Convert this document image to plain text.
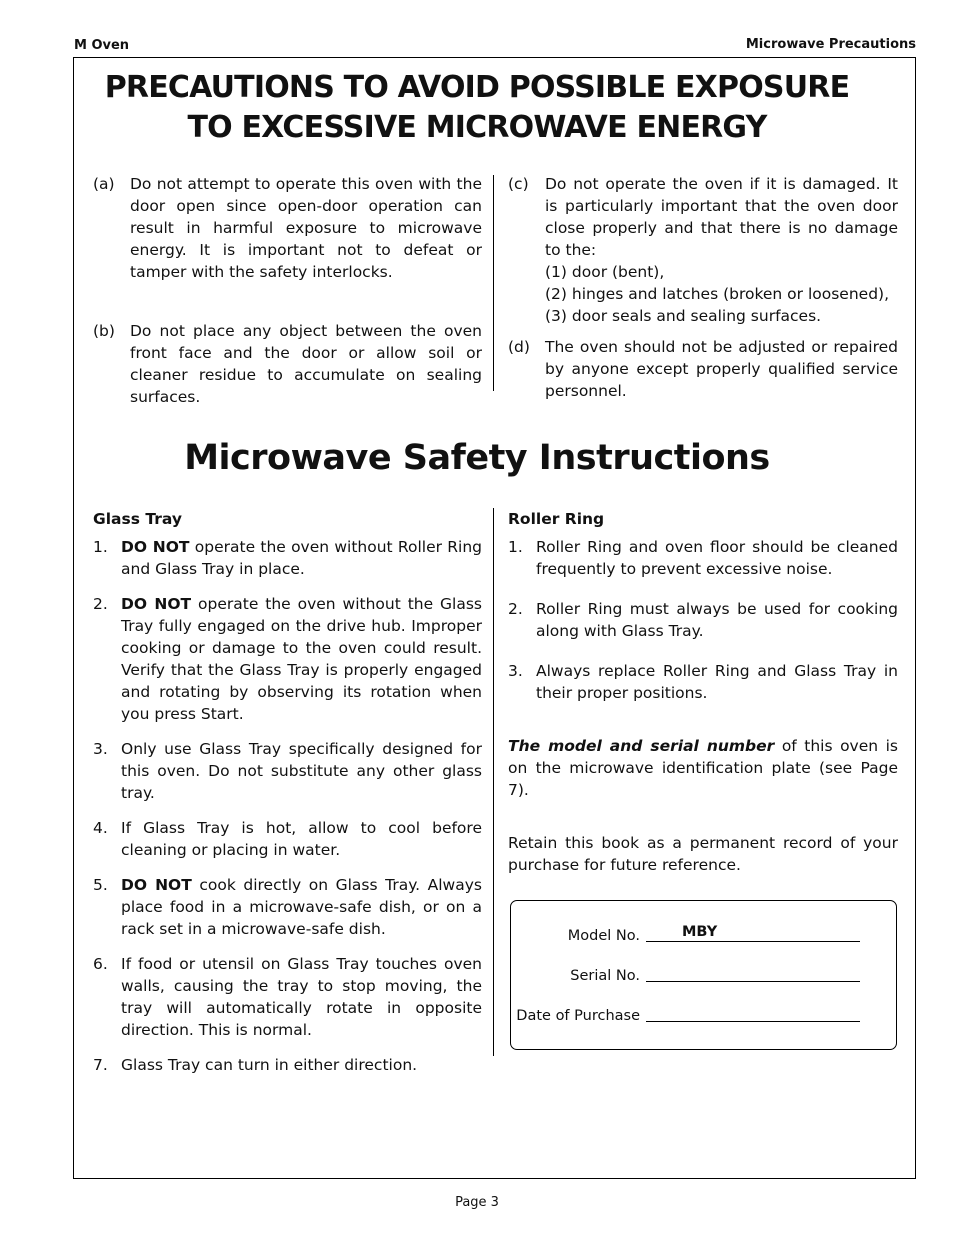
M Oven	Microwave Precautions
PRECAUTIONS TO AVOID POSSIBLE EXPOSURE
TO EXCESSIVE MICROWAVE ENERGY
(a) Do not attempt to operate this oven with the door open since open-door operation can result in harmful exposure to microwave energy. It is important not to defeat or tamper with the safety interlocks.
(b) Do not place any object between the oven front face and the door or allow soil or cleaner residue to accumulate on sealing surfaces.
(c)	Do not operate the oven if it is damaged. It is particularly important that the oven door close properly and that there is no damage to the:
(1) door (bent),
(2) hinges and latches (broken or loosened),
(3) door seals and sealing surfaces.
(d) The oven should not be adjusted or repaired by anyone except properly qualified service personnel.
Microwave Safety Instructions
Glass Tray
1. DO NOT operate the oven without Roller Ring and Glass Tray in place.
2. DO NOT operate the oven without the Glass Tray fully engaged on the drive hub. Improper cooking or damage to the oven could result. Verify that the Glass Tray is properly engaged and rotating by observing its rotation when you press Start.
3. Only use Glass Tray specifically designed for this oven. Do not substitute any other glass tray.
4. If Glass Tray is hot, allow to cool before cleaning or placing in water.
5. DO NOT cook directly on Glass Tray. Always place food in a microwave-safe dish, or on a rack set in a microwave-safe dish.
6. If food or utensil on Glass Tray touches oven walls, causing the tray to stop moving, the tray will automatically rotate in opposite direction. This is normal.
7. Glass Tray can turn in either direction.
Roller Ring
1. Roller Ring and oven floor should be cleaned frequently to prevent excessive noise.
2. Roller Ring must always be used for cooking along with Glass Tray.
3. Always replace Roller Ring and Glass Tray in their proper positions.
The model and serial number of this oven is on the microwave identification plate (see Page 7).
Retain this book as a permanent record of your purchase for future reference.
Model No.	MBY
Serial No.
Date of Purchase
Page 3
